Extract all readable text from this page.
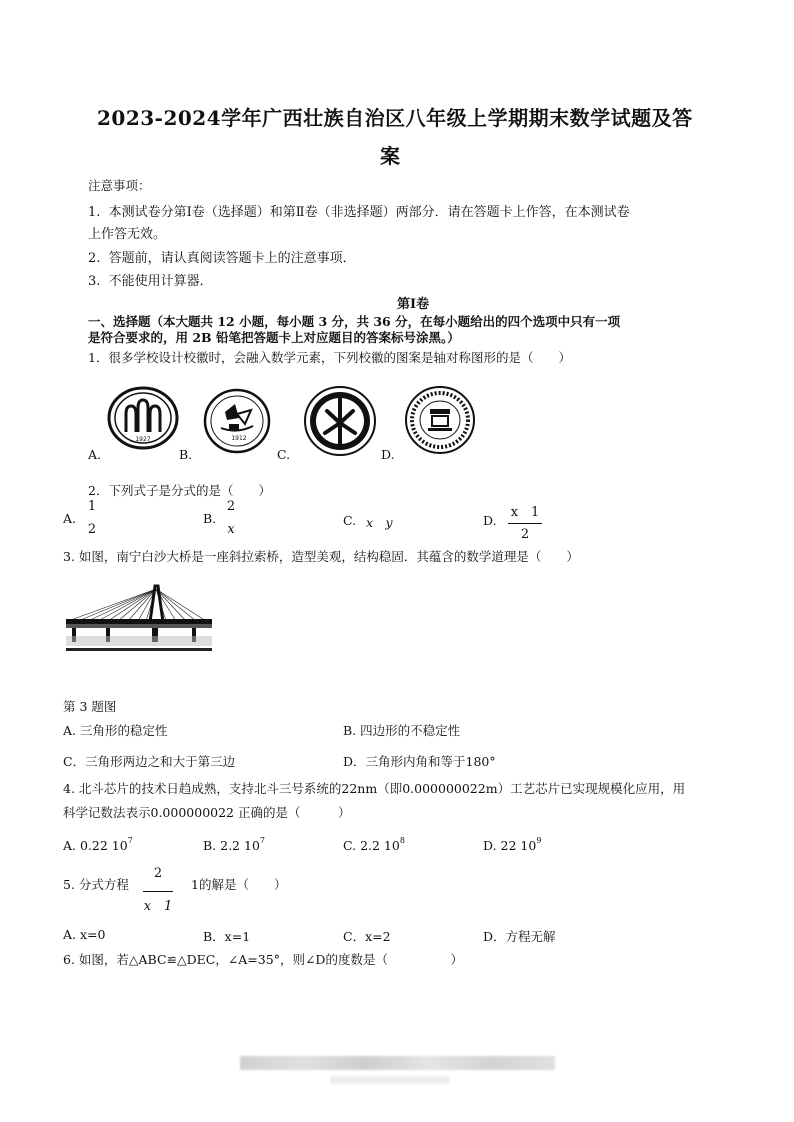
2023-2024学年广西壮族自治区八年级上学期期末数学试题及答
案
注意事项：
1. 本测试卷分第Ⅰ卷（选择题）和第Ⅱ卷（非选择题）两部分．请在答题卡上作答，在本测试卷
上作答无效。
2. 答题前，请认真阅读答题卡上的注意事项．
3. 不能使用计算器．
第Ⅰ卷
一、选择题（本大题共 12 小题，每小题 3 分，共 36 分，在每小题给出的四个选项中只有一项
是符合要求的，用 2B 铅笔把答题卡上对应题目的答案标号涂黑。）
1．很多学校设计校徽时，会融入数学元素，下列校徽的图案是轴对称图形的是（　　）
1927	1912
A.	B.	C.	D.
2．下列式子是分式的是（　　）
A.
1
2
B.
2
x
C. x　y	D.
x　1
2
3. 如图，南宁白沙大桥是一座斜拉索桥，造型美观，结构稳固．其蕴含的数学道理是（　　）
第 3 题图
A. 三角形的稳定性	B. 四边形的不稳定性
C．三角形两边之和大于第三边	D．三角形内角和等于180°
4. 北斗芯片的技术日趋成熟，支持北斗三号系统的22nm（即0.000000022m）工艺芯片已实现规模化应用，用
科学记数法表示0.000000022 正确的是（　　　）
A. 0.22 $10^7$	B. 2.2 $10^7$	C. 2.2 $10^8$	D. 22 $10^9$
5. 分式方程
2
x　1
1的解是（　　）
A. x=0	B．x=1	C．x=2	D．方程无解
6. 如图，若△ABC≌△DEC，∠A=35°，则∠D的度数是（　　　　　）
